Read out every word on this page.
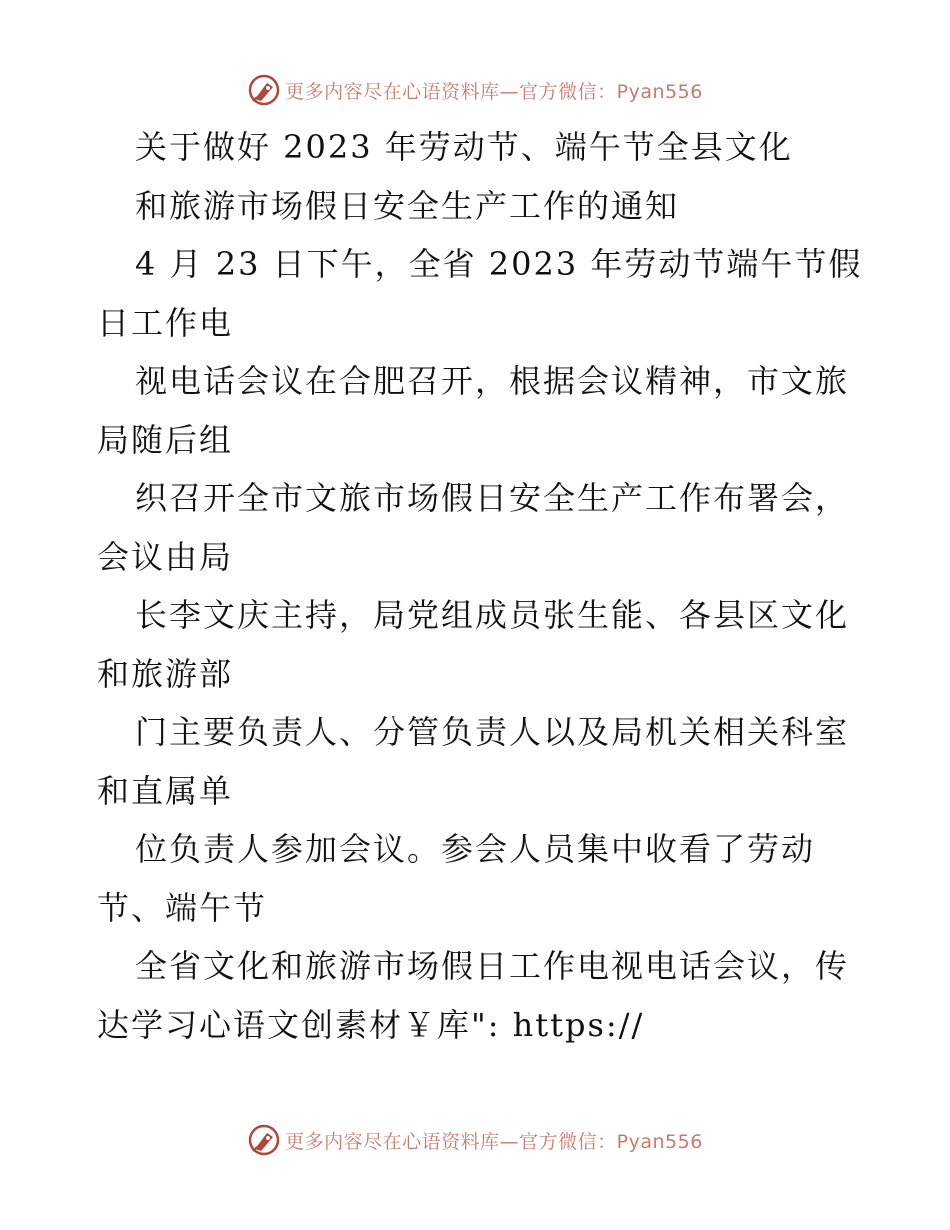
更多内容尽在心语资料库—官方微信：Pyan556
关于做好 2023 年劳动节、端午节全县文化
和旅游市场假日安全生产工作的通知
4 月 23 日下午，全省 2023 年劳动节端午节假
日工作电
视电话会议在合肥召开，根据会议精神，市文旅
局随后组
织召开全市文旅市场假日安全生产工作布署会，
会议由局
长李文庆主持，局党组成员张生能、各县区文化
和旅游部
门主要负责人、分管负责人以及局机关相关科室
和直属单
位负责人参加会议。参会人员集中收看了劳动
节、端午节
全省文化和旅游市场假日工作电视电话会议，传
达学习心语文创素材￥库": https://
更多内容尽在心语资料库—官方微信：Pyan556
